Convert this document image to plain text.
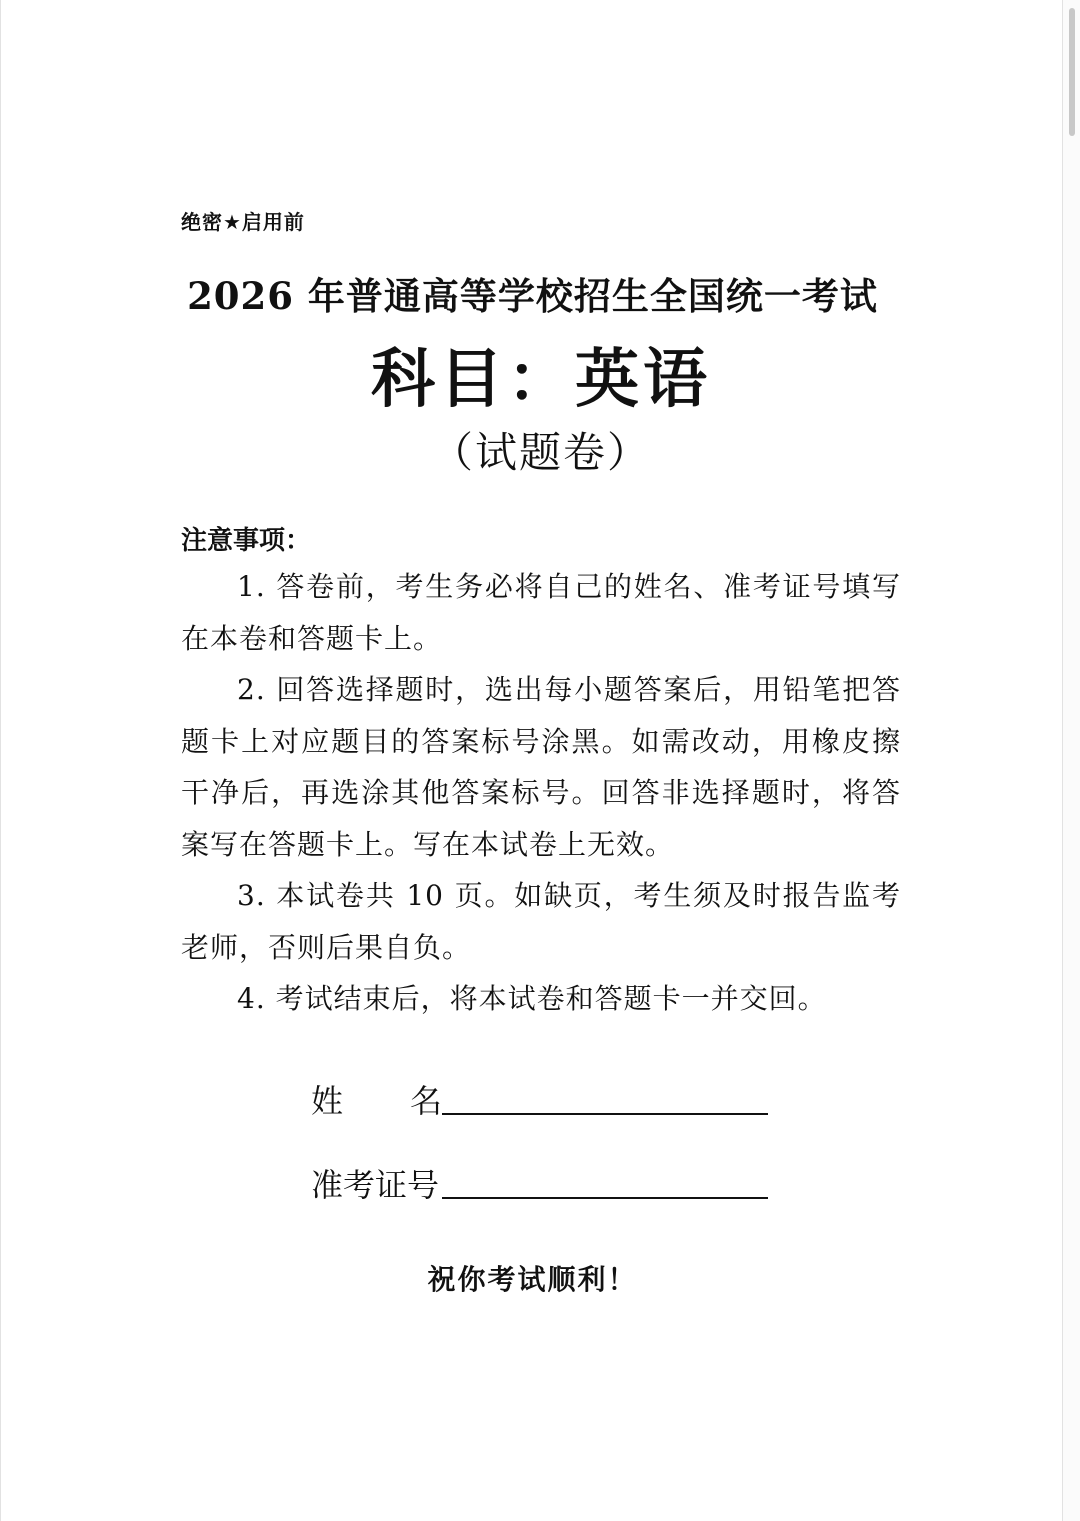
绝密★启用前
2026 年普通高等学校招生全国统一考试
科目：英语
（试题卷）
注意事项：
1. 答卷前，考生务必将自己的姓名、准考证号填写在本卷和答题卡上。
2. 回答选择题时，选出每小题答案后，用铅笔把答题卡上对应题目的答案标号涂黑。如需改动，用橡皮擦干净后，再选涂其他答案标号。回答非选择题时，将答案写在答题卡上。写在本试卷上无效。
3. 本试卷共 10 页。如缺页，考生须及时报告监考老师，否则后果自负。
4. 考试结束后，将本试卷和答题卡一并交回。
姓名
准考证号
祝你考试顺利！
